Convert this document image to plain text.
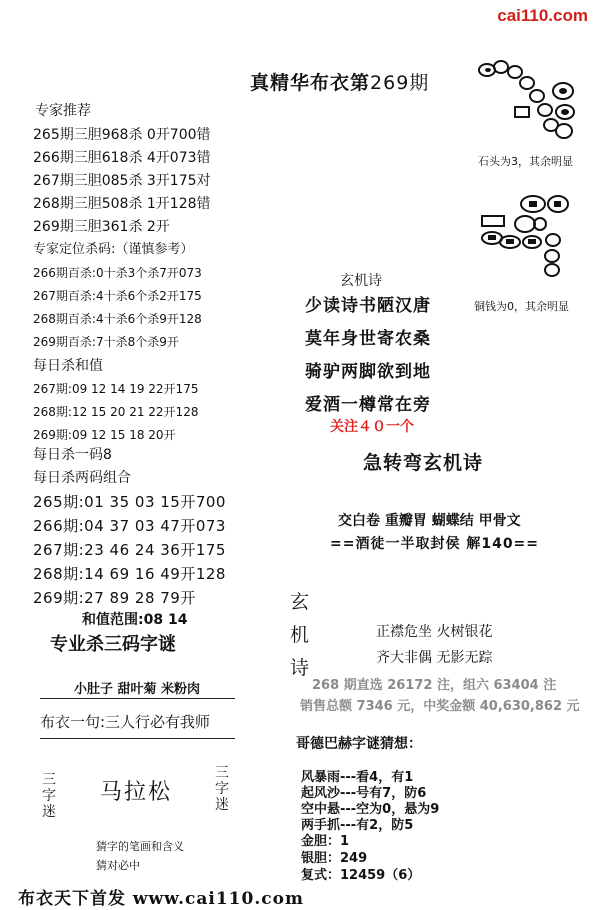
cai110.com
真精华布衣第269期
专家推荐
265期三胆968杀 0开700错
266期三胆618杀 4开073错
267期三胆085杀 3开175对
268期三胆508杀 1开128错
269期三胆361杀 2开
专家定位杀码:（谨慎参考）
266期百杀:0十杀3个杀7开073
267期百杀:4十杀6个杀2开175
268期百杀:4十杀6个杀9开128
269期百杀:7十杀8个杀9开
每日杀和值
267期:09 12 14 19 22开175
268期:12 15 20 21 22开128
269期:09 12 15 18 20开
每日杀一码8
每日杀两码组合
265期:01 35 03 15开700
266期:04 37 03 47开073
267期:23 46 24 36开175
268期:14 69 16 49开128
269期:27 89 28 79开
和值范围:08 14
专业杀三码字谜
小肚子 甜叶菊 米粉肉
布衣一句:三人行必有我师
三字迷
马拉松
三字迷
猜字的笔画和含义
猜对必中
布衣天下首发 www.cai110.com
石头为3，其余明显
铜钱为0，其余明显
玄机诗
少读诗书陋汉唐
莫年身世寄农桑
骑驴两脚欲到地
爱酒一樽常在旁
关注４０一个
急转弯玄机诗
交白卷 重瓣胃 蝴蝶结 甲骨文
==酒徒一半取封侯 解140==
玄
机
诗
正襟危坐 火树银花
齐大非偶 无影无踪
268 期直选 26172 注，组六 63404 注
销售总额 7346 元，中奖金额 40,630,862 元
哥德巴赫字谜猜想：
风暴雨---看4，有1
起风沙---号有7，防6
空中悬---空为0，悬为9
两手抓---有2，防5
金胆：1
银胆：249
复式：12459（6）
